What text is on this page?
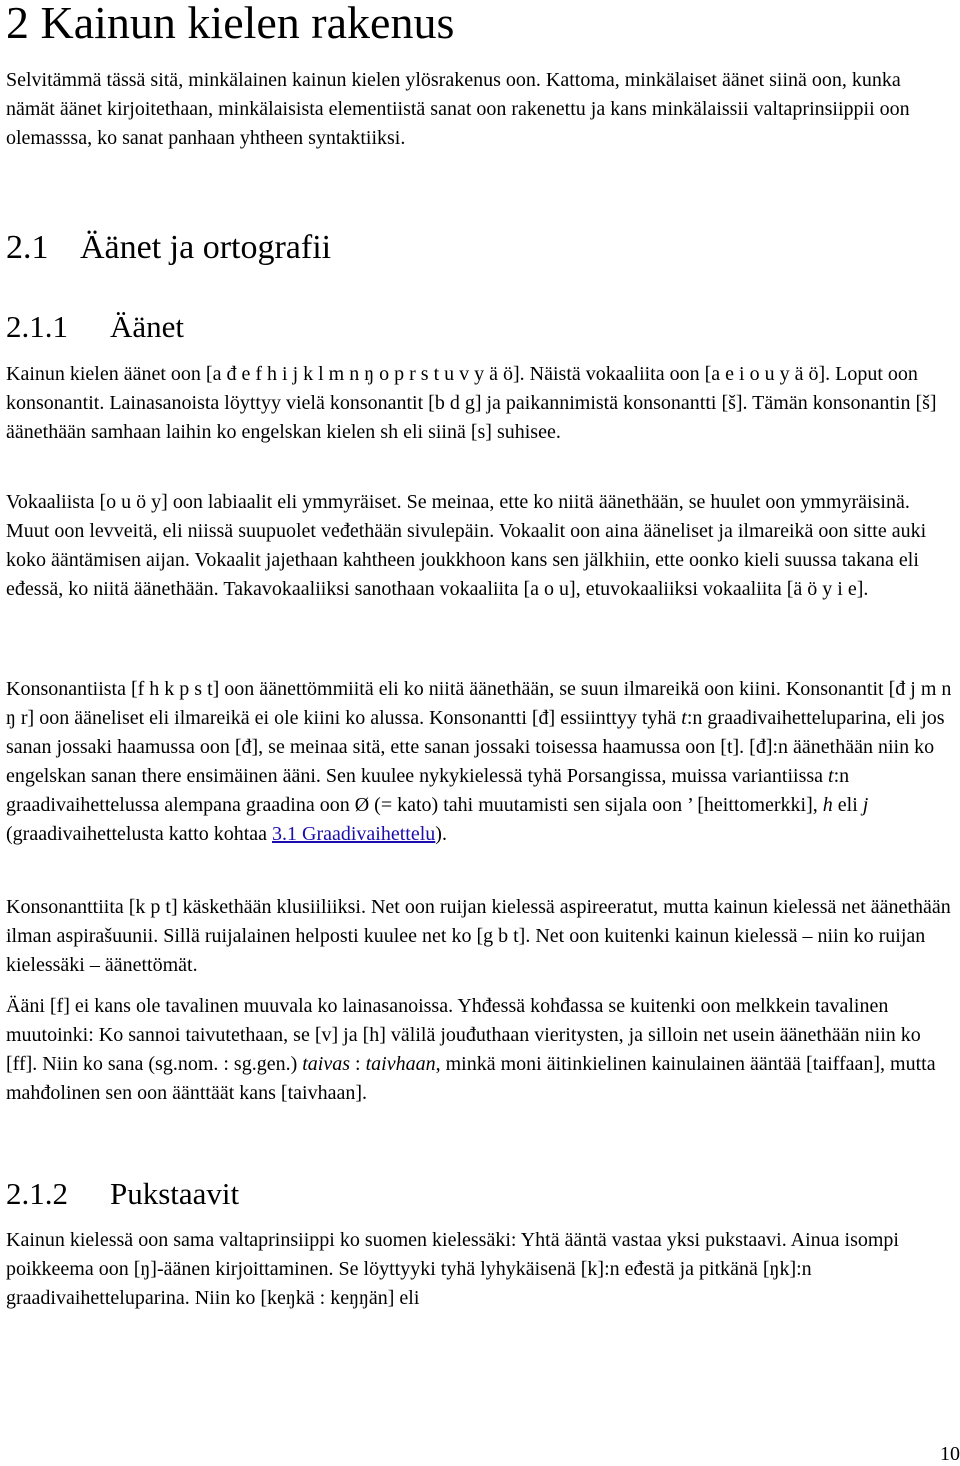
2 Kainun kielen rakenus

Selvitämmä tässä sitä, minkälainen kainun kielen ylösrakenus oon. Kattoma, minkälaiset äänet siinä oon, kunka nämät äänet kirjoitethaan, minkälaisista elementiistä sanat oon rakenettu ja kans minkälaissii valtaprinsiippii oon olemasssa, ko sanat panhaan yhtheen syntaktiiksi.

2.1 Äänet ja ortografii
2.1.1 Äänet

Kainun kielen äänet oon [a đ e f h i j k l m n ŋ o p r s t u v y ä ö]. Näistä vokaaliita oon [a e i o u y ä ö]. Loput oon konsonantit. Lainasanoista löyttyy vielä konsonantit [b d g] ja paikannimistä konsonantti [š]. Tämän konsonantin [š] äänethään samhaan laihin ko engelskan kielen sh eli siinä [s] suhisee.

Vokaaliista [o u ö y] oon labiaalit eli ymmyräiset. Se meinaa, ette ko niitä äänethään, se huulet oon ymmyräisinä. Muut oon levveitä, eli niissä suupuolet veđethään sivulepäin. Vokaalit oon aina ääneliset ja ilmareikä oon sitte auki koko ääntämisen aijan. Vokaalit jajethaan kahtheen joukkhoon kans sen jälkhiin, ette oonko kieli suussa takana eli eđessä, ko niitä äänethään. Takavokaaliiksi sanothaan vokaaliita [a o u], etuvokaaliiksi vokaaliita [ä ö y i e].

Konsonantiista [f h k p s t] oon äänettömmiitä eli ko niitä äänethään, se suun ilmareikä oon kiini. Konsonantit [đ j m n ŋ r] oon ääneliset eli ilmareikä ei ole kiini ko alussa. Konsonantti [đ] essiinttyy tyhä t:n graadivaihetteluparina, eli jos sanan jossaki haamussa oon [đ], se meinaa sitä, ette sanan jossaki toisessa haamussa oon [t]. [đ]:n äänethään niin ko engelskan sanan there ensimäinen ääni. Sen kuulee nykykielessä tyhä Porsangissa, muissa variantiissa t:n graadivaihettelussa alempana graadina oon Ø (= kato) tahi muutamisti sen sijala oon ’ [heittomerkki], h eli j (graadivaihettelusta katto kohtaa 3.1 Graadivaihettelu).

Konsonanttiita [k p t] käskethään klusiiliiksi. Net oon ruijan kielessä aspireeratut, mutta kainun kielessä net äänethään ilman aspirašuunii. Sillä ruijalainen helposti kuulee net ko [g b t]. Net oon kuitenki kainun kielessä – niin ko ruijan kielessäki – äänettömät.

Ääni [f] ei kans ole tavalinen muuvala ko lainasanoissa. Yhđessä kohđassa se kuitenki oon melkkein tavalinen muutoinki: Ko sannoi taivutethaan, se [v] ja [h] välilä jouđuthaan vieritysten, ja silloin net usein äänethään niin ko [ff]. Niin ko sana (sg.nom. : sg.gen.) taivas : taivhaan, minkä moni äitinkielinen kainulainen ääntää [taiffaan], mutta mahđolinen sen oon äänttäät kans [taivhaan].

2.1.2 Pukstaavit

Kainun kielessä oon sama valtaprinsiippi ko suomen kielessäki: Yhtä ääntä vastaa yksi pukstaavi. Ainua isompi poikkeema oon [ŋ]-äänen kirjoittaminen. Se löyttyyki tyhä lyhykäisenä [k]:n eđestä ja pitkänä [ŋk]:n graadivaihetteluparina. Niin ko [keŋkä : keŋŋän] eli

10
